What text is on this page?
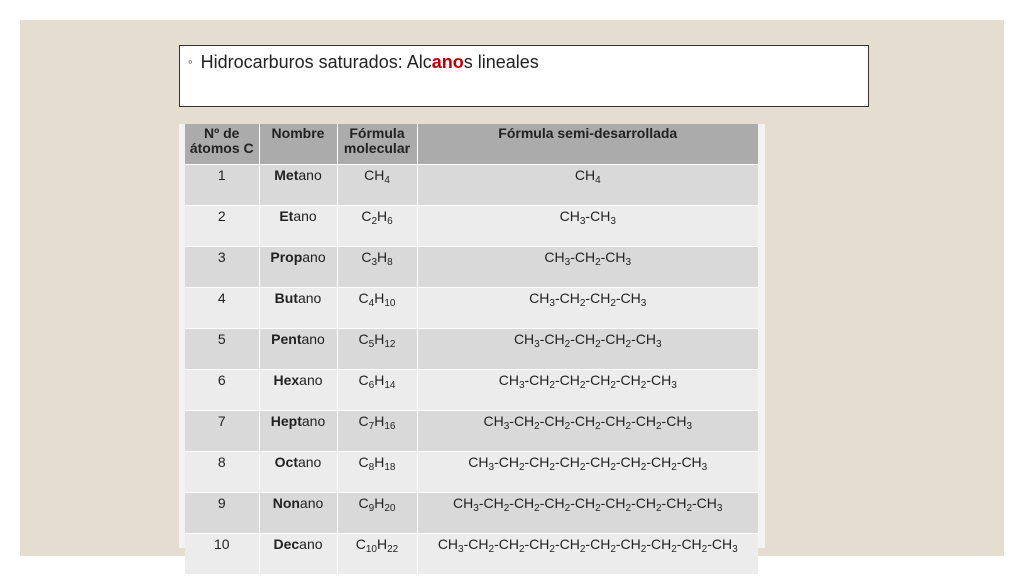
◦ Hidrocarburos saturados: Alcanos lineales
Nº de átomos C	Nombre	Fórmula molecular	Fórmula semi-desarrollada
1	Metano	$CH_4$	$CH_4$
2	Etano	$C_2H_6$	$CH_3-CH_3$
3	Propano	$C_3H_8$	$CH_3-CH_2-CH_3$
4	Butano	$C_4H_{10}$	$CH_3-CH_2-CH_2-CH_3$
5	Pentano	$C_5H_{12}$	$CH_3-CH_2-CH_2-CH_2-CH_3$
6	Hexano	$C_6H_{14}$	$CH_3-CH_2-CH_2-CH_2-CH_2-CH_3$
7	Heptano	$C_7H_{16}$	$CH_3-CH_2-CH_2-CH_2-CH_2-CH_2-CH_3$
8	Octano	$C_8H_{18}$	$CH_3-CH_2-CH_2-CH_2-CH_2-CH_2-CH_2-CH_3$
9	Nonano	$C_9H_{20}$	$CH_3-CH_2-CH_2-CH_2-CH_2-CH_2-CH_2-CH_2-CH_3$
10	Decano	$C_{10}H_{22}$	$CH_3-CH_2-CH_2-CH_2-CH_2-CH_2-CH_2-CH_2-CH_2-CH_3$
